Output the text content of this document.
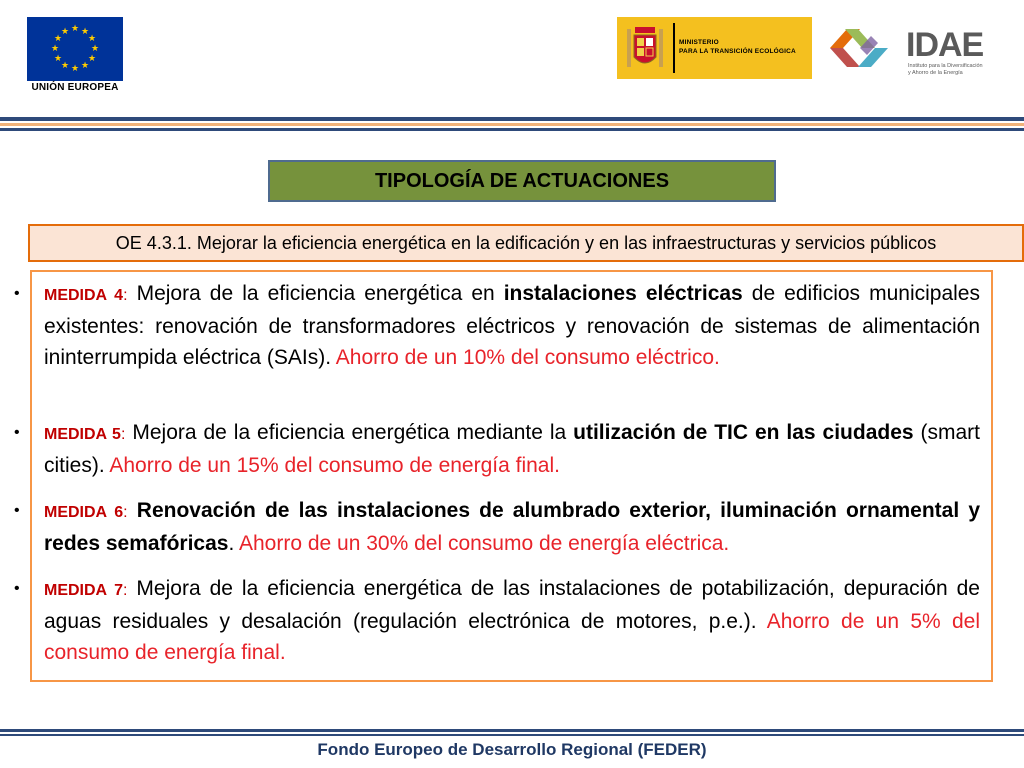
★ ★
★
★
★
★
★
★
★
★
★
★
UNIÓN EUROPEA
MINISTERIO
PARA LA TRANSICIÓN ECOLÓGICA	IDAE
Instituto para la Diversificación
y Ahorro de la Energía
TIPOLOGÍA DE ACTUACIONES
OE 4.3.1. Mejorar la eficiencia energética en la edificación y en las infraestructuras y servicios públicos
• MEDIDA 4: Mejora de la eficiencia energética en instalaciones eléctricas de edificios municipales existentes: renovación de transformadores eléctricos y renovación de sistemas de alimentación ininterrumpida eléctrica (SAIs). Ahorro de un 10% del consumo eléctrico.
• MEDIDA 5: Mejora de la eficiencia energética mediante la utilización de TIC en las ciudades (smart cities). Ahorro de un 15% del consumo de energía final.
• MEDIDA 6: Renovación de las instalaciones de alumbrado exterior, iluminación ornamental y redes semafóricas. Ahorro de un 30% del consumo de energía eléctrica.
• MEDIDA 7: Mejora de la eficiencia energética de las instalaciones de potabilización, depuración de aguas residuales y desalación (regulación electrónica de motores, p.e.). Ahorro de un 5% del consumo de energía final.
Fondo Europeo de Desarrollo Regional (FEDER)
